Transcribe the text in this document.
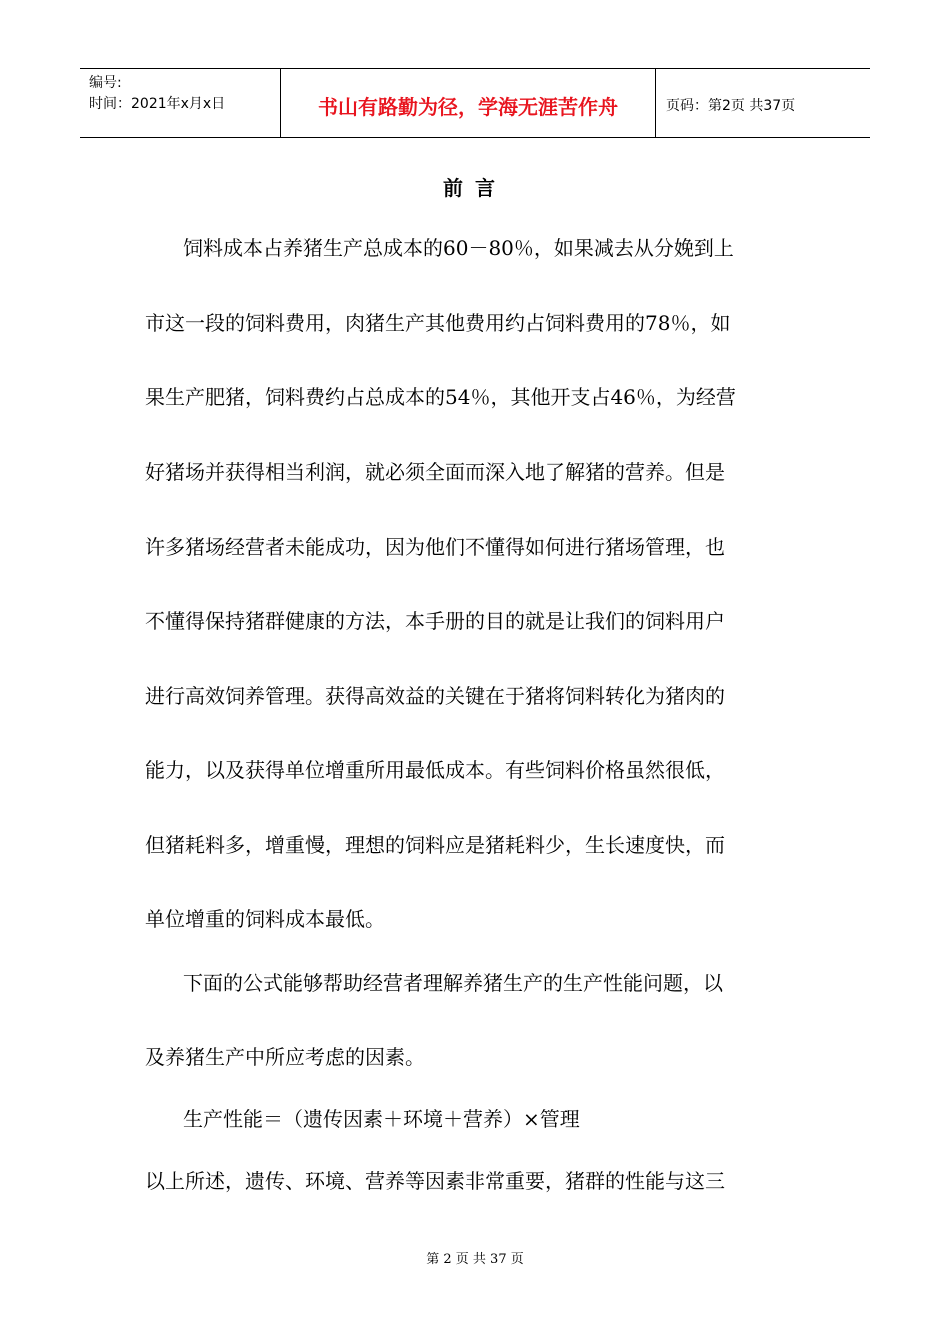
编号:
时间：2021年x月x日	书山有路勤为径，学海无涯苦作舟	页码：第2页 共37页
前言
饲料成本占养猪生产总成本的60－80％，如果减去从分娩到上
市这一段的饲料费用，肉猪生产其他费用约占饲料费用的78％，如
果生产肥猪，饲料费约占总成本的54％，其他开支占46％，为经营
好猪场并获得相当利润，就必须全面而深入地了解猪的营养。但是
许多猪场经营者未能成功，因为他们不懂得如何进行猪场管理，也
不懂得保持猪群健康的方法，本手册的目的就是让我们的饲料用户
进行高效饲养管理。获得高效益的关键在于猪将饲料转化为猪肉的
能力，以及获得单位增重所用最低成本。有些饲料价格虽然很低，
但猪耗料多，增重慢，理想的饲料应是猪耗料少，生长速度快，而
单位增重的饲料成本最低。
下面的公式能够帮助经营者理解养猪生产的生产性能问题，以
及养猪生产中所应考虑的因素。
生产性能＝（遗传因素＋环境＋营养）×管理
以上所述，遗传、环境、营养等因素非常重要，猪群的性能与这三
第 2 页 共 37 页
